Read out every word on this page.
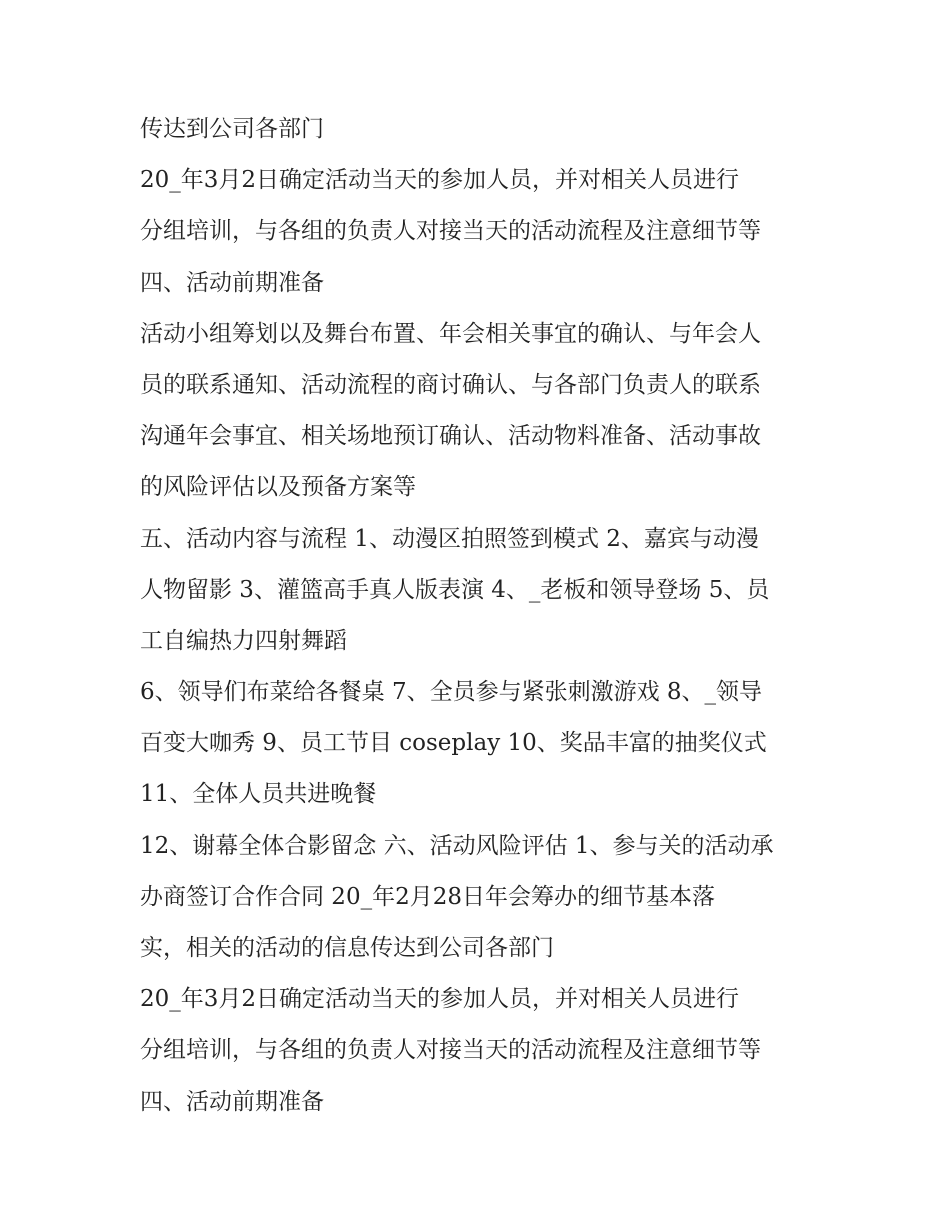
传达到公司各部门
20_年3月2日确定活动当天的参加人员，并对相关人员进行
分组培训，与各组的负责人对接当天的活动流程及注意细节等
四、活动前期准备
活动小组筹划以及舞台布置、年会相关事宜的确认、与年会人
员的联系通知、活动流程的商讨确认、与各部门负责人的联系
沟通年会事宜、相关场地预订确认、活动物料准备、活动事故
的风险评估以及预备方案等
五、活动内容与流程 1、动漫区拍照签到模式 2、嘉宾与动漫
人物留影 3、灌篮高手真人版表演 4、_老板和领导登场 5、员
工自编热力四射舞蹈
6、领导们布菜给各餐桌 7、全员参与紧张刺激游戏 8、_领导
百变大咖秀 9、员工节目 coseplay 10、奖品丰富的抽奖仪式
11、全体人员共进晚餐
12、谢幕全体合影留念 六、活动风险评估 1、参与关的活动承
办商签订合作合同 20_年2月28日年会筹办的细节基本落
实，相关的活动的信息传达到公司各部门
20_年3月2日确定活动当天的参加人员，并对相关人员进行
分组培训，与各组的负责人对接当天的活动流程及注意细节等
四、活动前期准备
